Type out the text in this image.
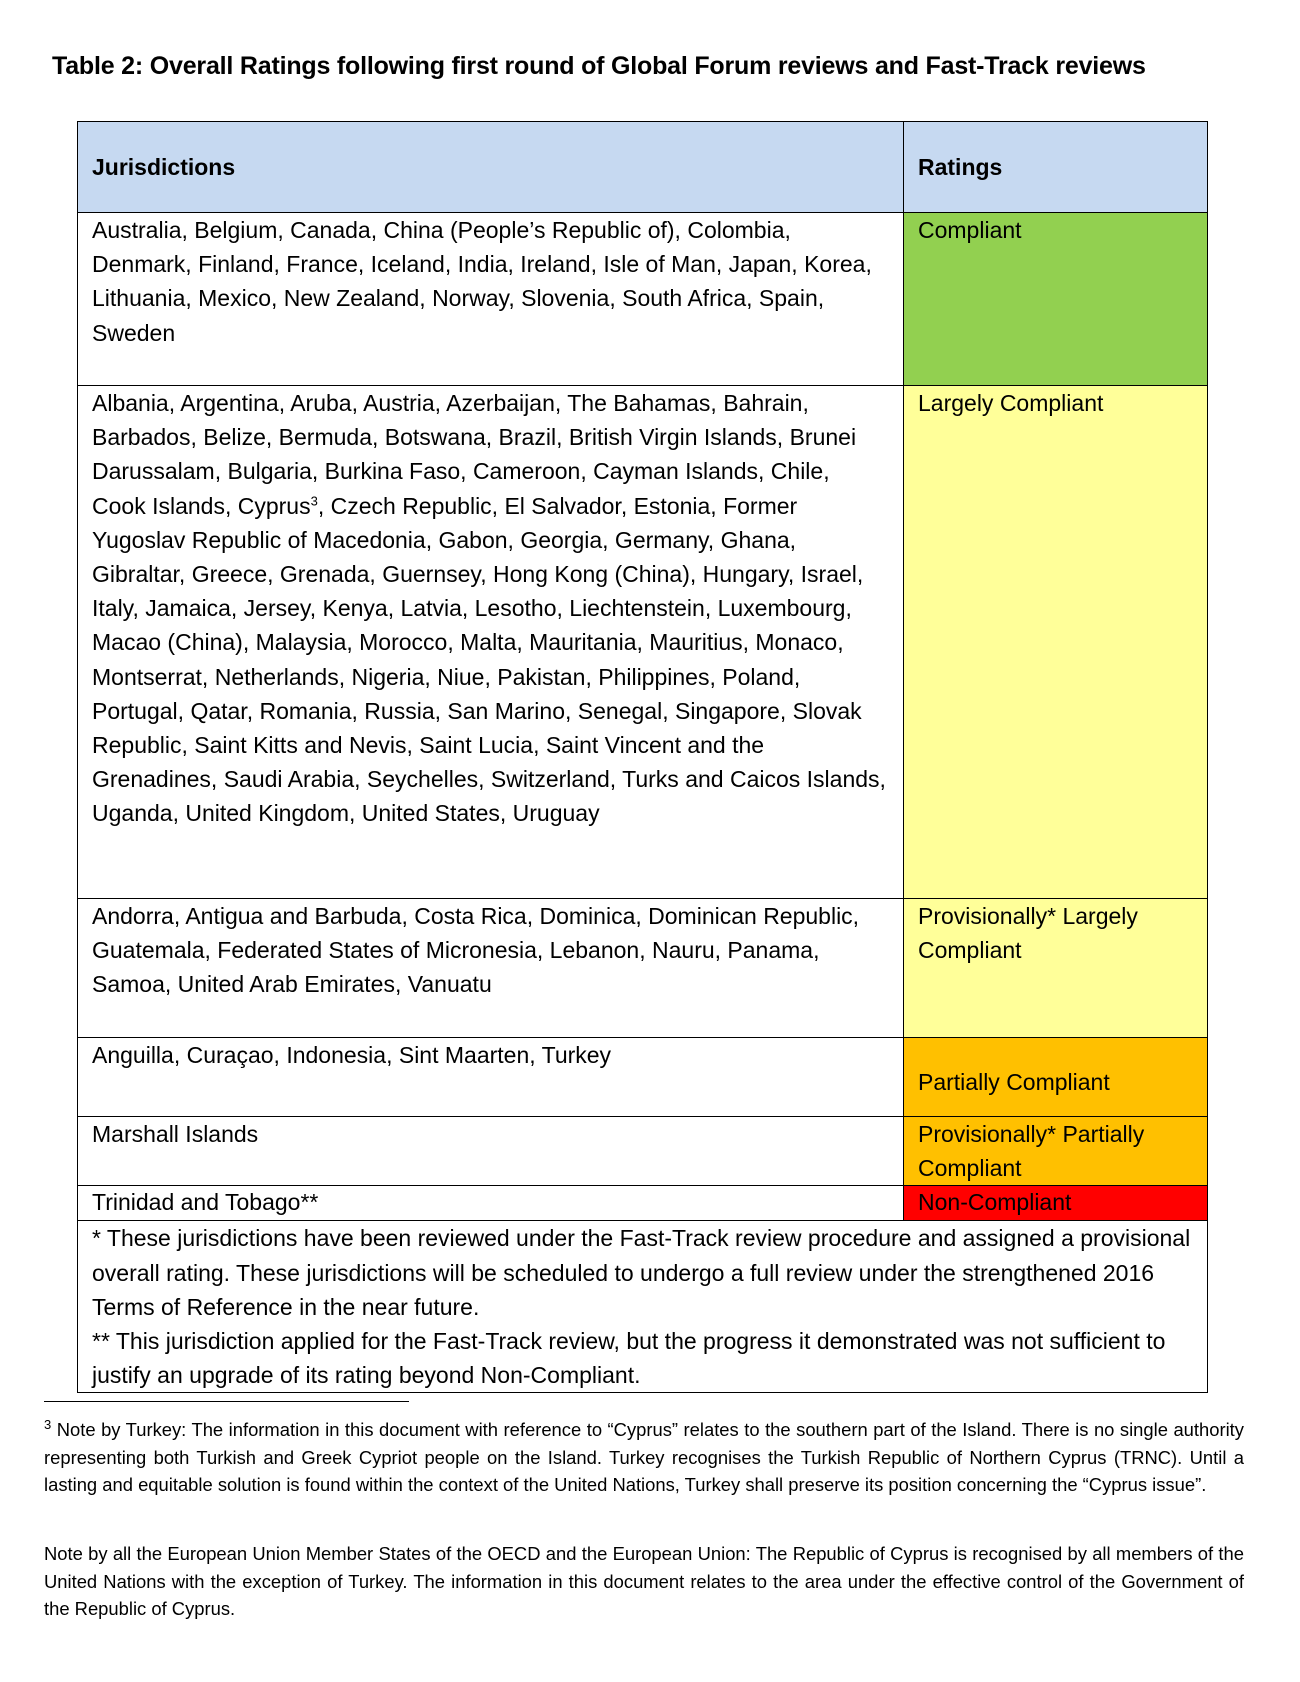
Table 2: Overall Ratings following first round of Global Forum reviews and Fast-Track reviews
Jurisdictions	Ratings
Australia, Belgium, Canada, China (People’s Republic of), Colombia, Denmark, Finland, France, Iceland, India, Ireland, Isle of Man, Japan, Korea, Lithuania, Mexico, New Zealand, Norway, Slovenia, South Africa, Spain, Sweden	Compliant
Albania, Argentina, Aruba, Austria, Azerbaijan, The Bahamas, Bahrain, Barbados, Belize, Bermuda, Botswana, Brazil, British Virgin Islands, Brunei Darussalam, Bulgaria, Burkina Faso, Cameroon, Cayman Islands, Chile, Cook Islands, Cyprus$^3$, Czech Republic, El Salvador, Estonia, Former Yugoslav Republic of Macedonia, Gabon, Georgia, Germany, Ghana, Gibraltar, Greece, Grenada, Guernsey, Hong Kong (China), Hungary, Israel, Italy, Jamaica, Jersey, Kenya, Latvia, Lesotho, Liechtenstein, Luxembourg, Macao (China), Malaysia, Morocco, Malta, Mauritania, Mauritius, Monaco, Montserrat, Netherlands, Nigeria, Niue, Pakistan, Philippines, Poland, Portugal, Qatar, Romania, Russia, San Marino, Senegal, Singapore, Slovak Republic, Saint Kitts and Nevis, Saint Lucia, Saint Vincent and the Grenadines, Saudi Arabia, Seychelles, Switzerland, Turks and Caicos Islands, Uganda, United Kingdom, United States, Uruguay	Largely Compliant
Andorra, Antigua and Barbuda, Costa Rica, Dominica, Dominican Republic, Guatemala, Federated States of Micronesia, Lebanon, Nauru, Panama, Samoa, United Arab Emirates, Vanuatu	Provisionally* Largely Compliant
Anguilla, Curaçao, Indonesia, Sint Maarten, Turkey	Partially Compliant
Marshall Islands	Provisionally* Partially Compliant
Trinidad and Tobago**	Non-Compliant

* These jurisdictions have been reviewed under the Fast-Track review procedure and assigned a provisional overall rating. These jurisdictions will be scheduled to undergo a full review under the strengthened 2016 Terms of Reference in the near future.
** This jurisdiction applied for the Fast-Track review, but the progress it demonstrated was not sufficient to justify an upgrade of its rating beyond Non-Compliant.	
$^3$ Note by Turkey: The information in this document with reference to “Cyprus” relates to the southern part of the Island. There is no single authority representing both Turkish and Greek Cypriot people on the Island. Turkey recognises the Turkish Republic of Northern Cyprus (TRNC). Until a lasting and equitable solution is found within the context of the United Nations, Turkey shall preserve its position concerning the “Cyprus issue”.
Note by all the European Union Member States of the OECD and the European Union: The Republic of Cyprus is recognised by all members of the United Nations with the exception of Turkey. The information in this document relates to the area under the effective control of the Government of the Republic of Cyprus.
